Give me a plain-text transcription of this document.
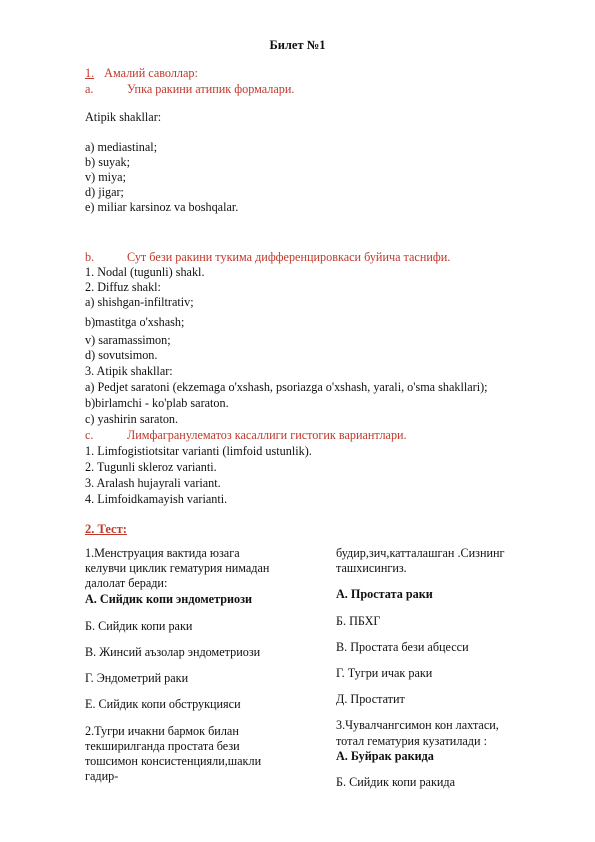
Билет №1
1. Амалий саволлар:
а.	Упка ракини атипик формалари.
Atipik shakllar:
a) mediastinal;
b) suyak;
v) miya;
d) jigar;
e) miliar karsinoz va boshqalar.
b.	Сут бези ракини тукима дифференцировкаси буйича таснифи.
1. Nodal (tugunli) shakl.
2. Diffuz shakl:
a) shishgan-infiltrativ;
b)mastitga o'xshash;
v) saramassimon;
d) sovutsimon.
3. Atipik shakllar:
a) Pedjet saratoni (ekzemaga o'xshash, psoriazga o'xshash, yarali, o'sma shakllari);
b)birlamchi - ko'plab saraton.
c) yashirin saraton.
c.	Лимфагранулематоз касаллиги гистогик вариантлари.
1. Limfogistiotsitar varianti (limfoid ustunlik).
2. Tugunli skleroz varianti.
3. Aralash hujayrali variant.
4. Limfoidkamayish varianti.
2. Тест:

1.Менструация вактида юзага

келувчи циклик гематурия нимадан

далолат беради:

А. Сийдик копи эндометриози

Б. Сийдик копи раки

В. Жинсий аъзолар эндометриози

Г. Эндометрий раки

Е. Сийдик копи обструкцияси

2.Тугри ичакни бармок билан

текширилганда простата бези

тошсимон консистенцияли,шакли

гадир-

будир,зич,катталашган .Сизнинг

ташхисингиз.

А. Простата раки

Б. ПБХГ

В. Простата бези абцесси

Г. Тугри ичак раки

Д. Простатит

3.Чувалчангсимон кон лахтаси,

тотал гематурия кузатилади :

А. Буйрак ракида

Б. Сийдик копи ракида
